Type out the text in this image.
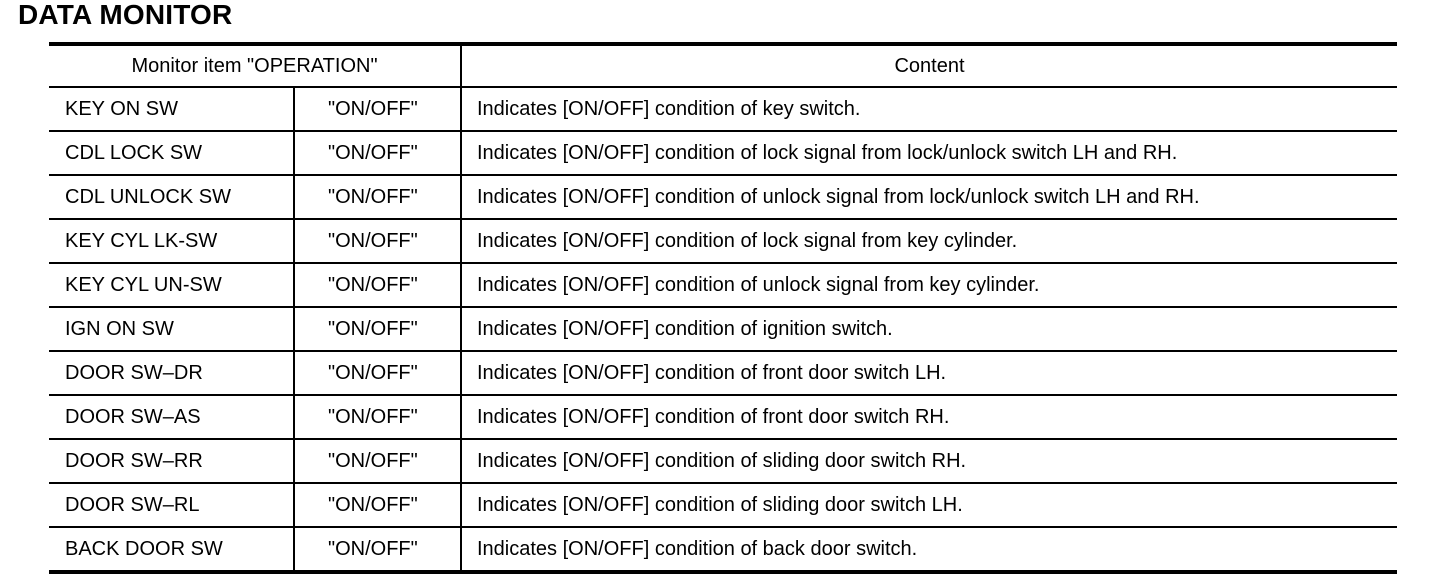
DATA MONITOR
Monitor item "OPERATION"		Content
KEY ON SW	"ON/OFF"	Indicates [ON/OFF] condition of key switch.
CDL LOCK SW	"ON/OFF"	Indicates [ON/OFF] condition of lock signal from lock/unlock switch LH and RH.
CDL UNLOCK SW	"ON/OFF"	Indicates [ON/OFF] condition of unlock signal from lock/unlock switch LH and RH.
KEY CYL LK-SW	"ON/OFF"	Indicates [ON/OFF] condition of lock signal from key cylinder.
KEY CYL UN-SW	"ON/OFF"	Indicates [ON/OFF] condition of unlock signal from key cylinder.
IGN ON SW	"ON/OFF"	Indicates [ON/OFF] condition of ignition switch.
DOOR SW–DR	"ON/OFF"	Indicates [ON/OFF] condition of front door switch LH.
DOOR SW–AS	"ON/OFF"	Indicates [ON/OFF] condition of front door switch RH.
DOOR SW–RR	"ON/OFF"	Indicates [ON/OFF] condition of sliding door switch RH.
DOOR SW–RL	"ON/OFF"	Indicates [ON/OFF] condition of sliding door switch LH.
BACK DOOR SW	"ON/OFF"	Indicates [ON/OFF] condition of back door switch.
